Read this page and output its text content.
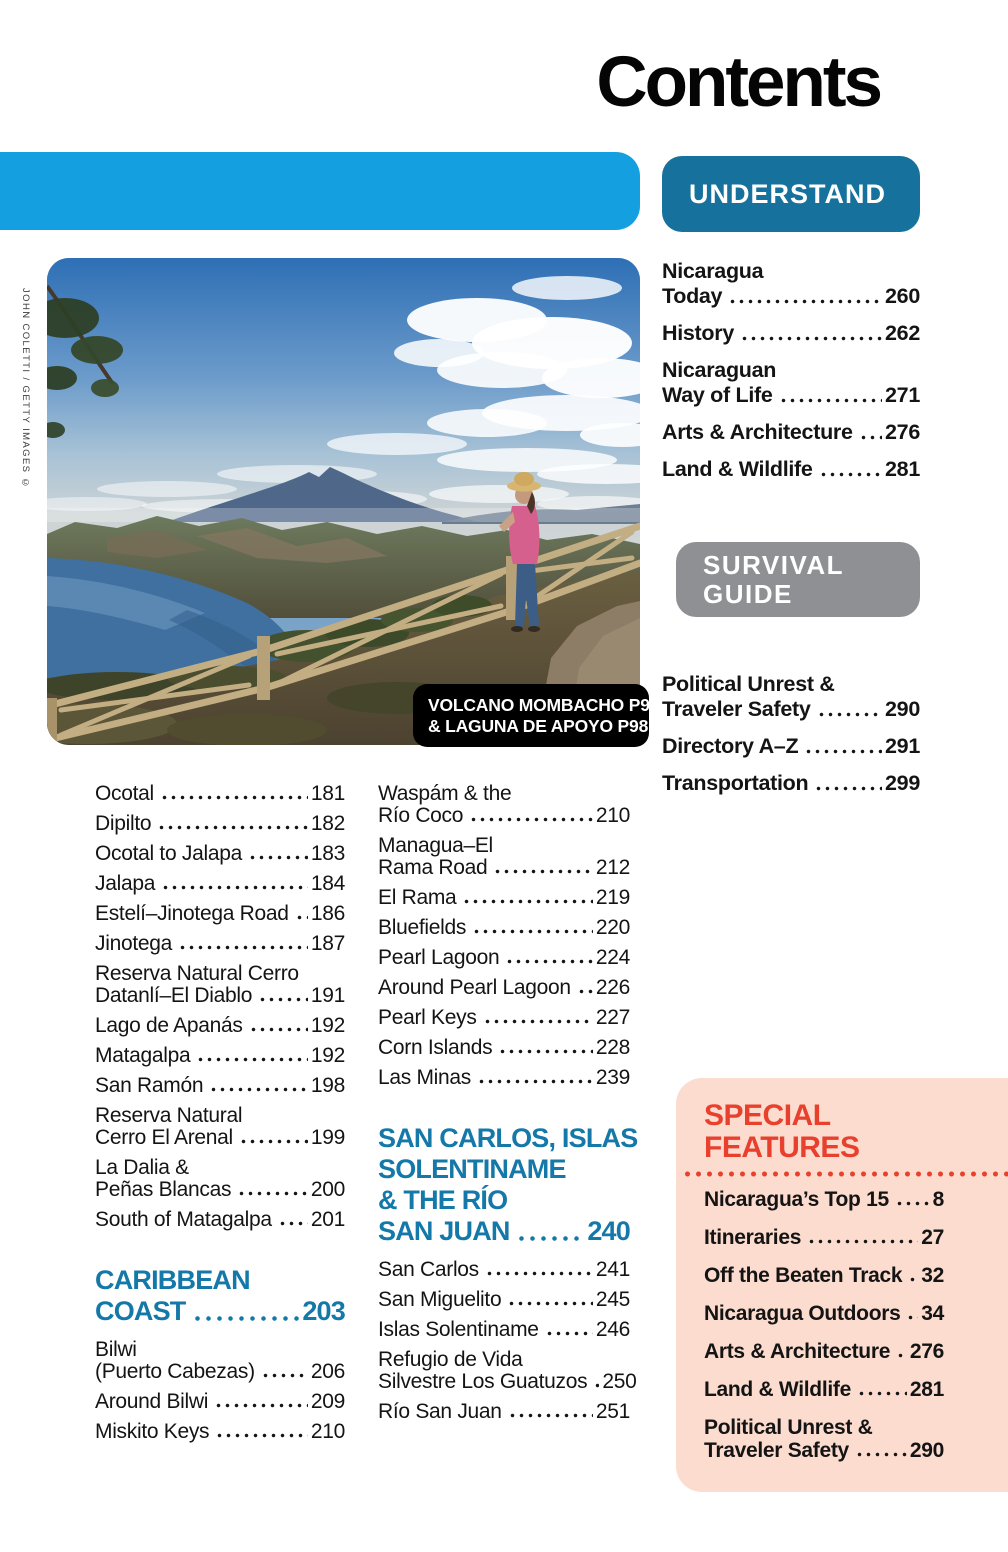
Contents
UNDERSTAND
VOLCANO MOMBACHO P96
& LAGUNA DE APOYO P98
JOHN COLETTI / GETTY IMAGES ©
Nicaragua
Today	260
History	262
Nicaraguan
Way of Life	271
Arts & Architecture 276
Land & Wildlife	281
SURVIVAL
GUIDE
Political Unrest &
Traveler Safety	290
Directory A–Z	291
Transportation	299
Ocotal	181
Dipilto	182
Ocotal to Jalapa	183
Jalapa	184
Estelí–Jinotega Road 186
Jinotega	187
Reserva Natural Cerro
Datanlí–El Diablo	191
Lago de Apanás	192
Matagalpa	192
San Ramón	198
Reserva Natural
Cerro El Arenal	199
La Dalia &
Peñas Blancas	200
South of Matagalpa 201
CARIBBEAN
COAST	203
Bilwi
(Puerto Cabezas)	206
Around Bilwi	209
Miskito Keys	210
Waspám & the
Río Coco	210
Managua–El
Rama Road	212
El Rama	219
Bluefields	220
Pearl Lagoon	224
Around Pearl Lagoon 226
Pearl Keys	227
Corn Islands	228
Las Minas	239
SAN CARLOS, ISLAS
SOLENTINAME
& THE RÍO
SAN JUAN	240
San Carlos	241
San Miguelito	245
Islas Solentiname	246
Refugio de Vida
Silvestre Los Guatuzos 250
Río San Juan	251
SPECIAL
FEATURES
Nicaragua’s Top 15 8
Itineraries	27
Off the Beaten Track 32
Nicaragua Outdoors 34
Arts & Architecture 276
Land & Wildlife	281
Political Unrest &
Traveler Safety	290
